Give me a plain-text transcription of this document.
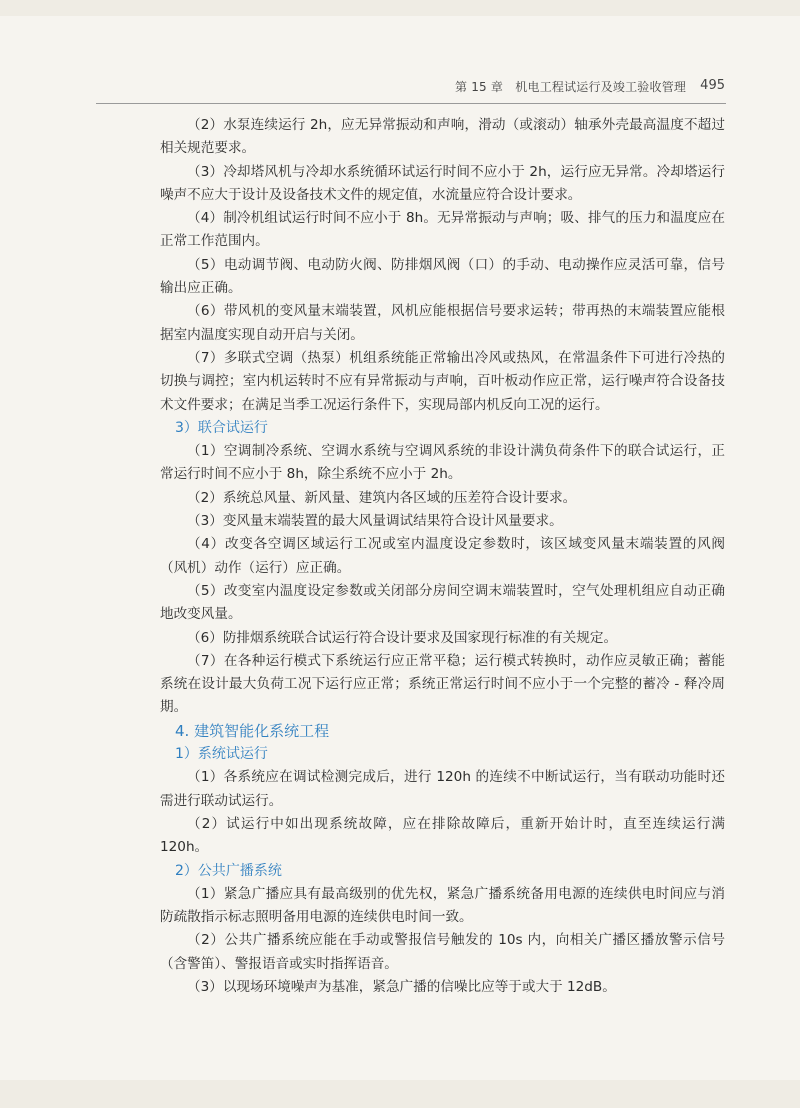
第 15 章　机电工程试运行及竣工验收管理 495

（2）水泵连续运行 2h，应无异常振动和声响，滑动（或滚动）轴承外壳最高温度不超过相关规范要求。

（3）冷却塔风机与冷却水系统循环试运行时间不应小于 2h，运行应无异常。冷却塔运行噪声不应大于设计及设备技术文件的规定值，水流量应符合设计要求。

（4）制冷机组试运行时间不应小于 8h。无异常振动与声响；吸、排气的压力和温度应在正常工作范围内。

（5）电动调节阀、电动防火阀、防排烟风阀（口）的手动、电动操作应灵活可靠，信号输出应正确。

（6）带风机的变风量末端装置，风机应能根据信号要求运转；带再热的末端装置应能根据室内温度实现自动开启与关闭。

（7）多联式空调（热泵）机组系统能正常输出冷风或热风，在常温条件下可进行冷热的切换与调控；室内机运转时不应有异常振动与声响，百叶板动作应正常，运行噪声符合设备技术文件要求；在满足当季工况运行条件下，实现局部内机反向工况的运行。

3）联合试运行

（1）空调制冷系统、空调水系统与空调风系统的非设计满负荷条件下的联合试运行，正常运行时间不应小于 8h，除尘系统不应小于 2h。

（2）系统总风量、新风量、建筑内各区域的压差符合设计要求。

（3）变风量末端装置的最大风量调试结果符合设计风量要求。

（4）改变各空调区域运行工况或室内温度设定参数时，该区域变风量末端装置的风阀（风机）动作（运行）应正确。

（5）改变室内温度设定参数或关闭部分房间空调末端装置时，空气处理机组应自动正确地改变风量。

（6）防排烟系统联合试运行符合设计要求及国家现行标准的有关规定。

（7）在各种运行模式下系统运行应正常平稳；运行模式转换时，动作应灵敏正确；蓄能系统在设计最大负荷工况下运行应正常；系统正常运行时间不应小于一个完整的蓄冷 - 释冷周期。

4. 建筑智能化系统工程
1）系统试运行

（1）各系统应在调试检测完成后，进行 120h 的连续不中断试运行，当有联动功能时还需进行联动试运行。

（2）试运行中如出现系统故障，应在排除故障后，重新开始计时，直至连续运行满 120h。

2）公共广播系统

（1）紧急广播应具有最高级别的优先权，紧急广播系统备用电源的连续供电时间应与消防疏散指示标志照明备用电源的连续供电时间一致。

（2）公共广播系统应能在手动或警报信号触发的 10s 内，向相关广播区播放警示信号（含警笛）、警报语音或实时指挥语音。

（3）以现场环境噪声为基准，紧急广播的信噪比应等于或大于 12dB。
